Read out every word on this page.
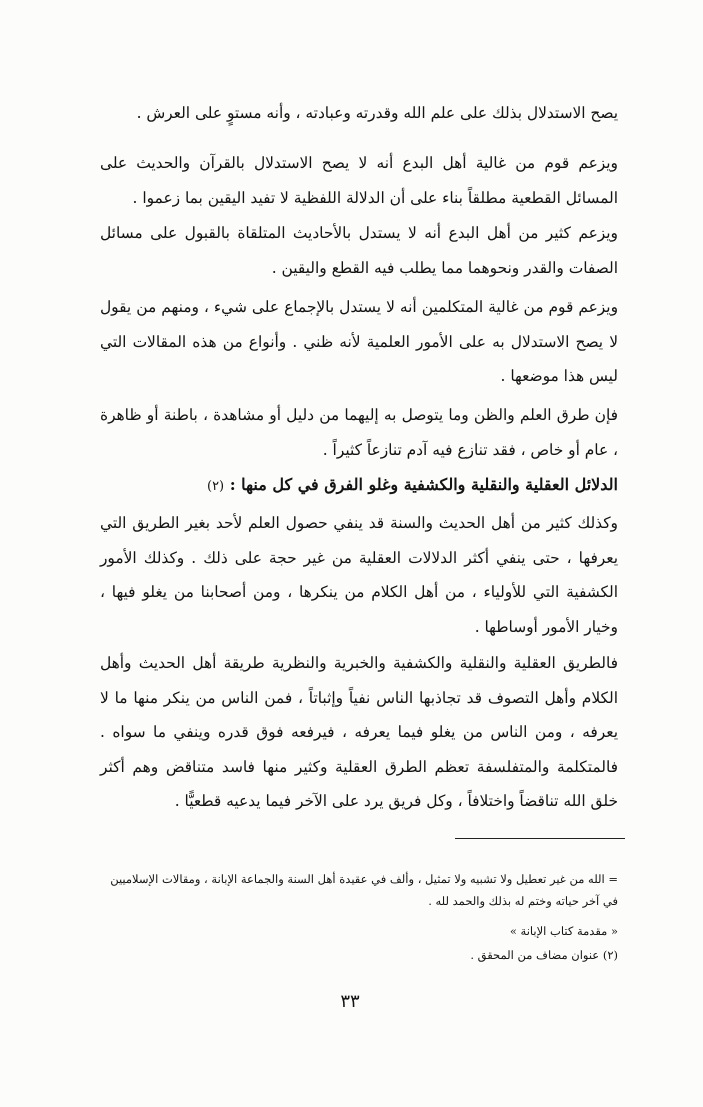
يصح الاستدلال بذلك على علم الله وقدرته وعبادته ، وأنه مستوٍ على العرش .

ويزعم قوم من غالية أهل البدع أنه لا يصح الاستدلال بالقرآن والحديث على المسائل القطعية مطلقاً بناء على أن الدلالة اللفظية لا تفيد اليقين بما زعموا .

ويزعم كثير من أهل البدع أنه لا يستدل بالأحاديث المتلقاة بالقبول على مسائل الصفات والقدر ونحوهما مما يطلب فيه القطع واليقين .

ويزعم قوم من غالية المتكلمين أنه لا يستدل بالإجماع على شيء ، ومنهم من يقول لا يصح الاستدلال به على الأمور العلمية لأنه ظني . وأنواع من هذه المقالات التي ليس هذا موضعها .

فإن طرق العلم والظن وما يتوصل به إليهما من دليل أو مشاهدة ، باطنة أو ظاهرة ، عام أو خاص ، فقد تنازع فيه آدم تنازعاً كثيراً .

الدلائل العقلية والنقلية والكشفية وغلو الفرق في كل منها : (٢)

وكذلك كثير من أهل الحديث والسنة قد ينفي حصول العلم لأحد بغير الطريق التي يعرفها ، حتى ينفي أكثر الدلالات العقلية من غير حجة على ذلك . وكذلك الأمور الكشفية التي للأولياء ، من أهل الكلام من ينكرها ، ومن أصحابنا من يغلو فيها ، وخيار الأمور أوساطها .

فالطريق العقلية والنقلية والكشفية والخبرية والنظرية طريقة أهل الحديث وأهل الكلام وأهل التصوف قد تجاذبها الناس نفياً وإثباتاً ، فمن الناس من ينكر منها ما لا يعرفه ، ومن الناس من يغلو فيما يعرفه ، فيرفعه فوق قدره وينفي ما سواه . فالمتكلمة والمتفلسفة تعظم الطرق العقلية وكثير منها فاسد متناقض وهم أكثر خلق الله تناقضاً واختلافاً ، وكل فريق يرد على الآخر فيما يدعيه قطعيًّا .

= الله من غير تعطيل ولا تشبيه ولا تمثيل ، وألف في عقيدة أهل السنة والجماعة الإبانة ، ومقالات الإسلاميين في آخر حياته وختم له بذلك والحمد لله .
« مقدمة كتاب الإبانة »
(٢) عنوان مضاف من المحقق .
٣٣
